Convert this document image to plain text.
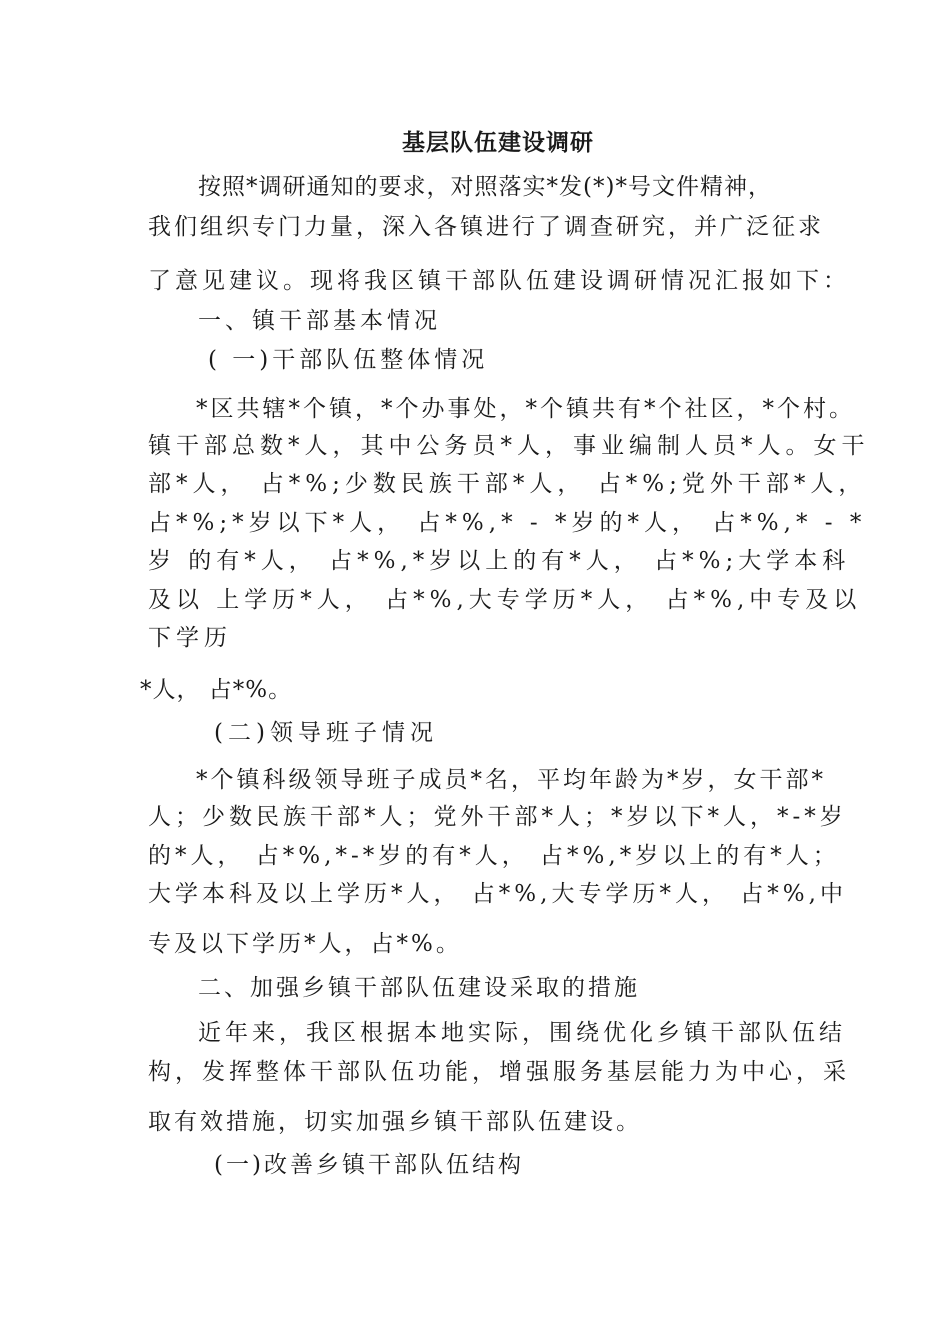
基层队伍建设调研
按照*调研通知的要求，对照落实*发(*)*号文件精神，
我们组织专门力量，深入各镇进行了调查研究，并广泛征求
了意见建议。现将我区镇干部队伍建设调研情况汇报如下：
一、镇干部基本情况
( 一)干部队伍整体情况
*区共辖*个镇，*个办事处，*个镇共有*个社区，*个村。
镇干部总数*人，其中公务员*人，事业编制人员*人。女干
部*人， 占*%;少数民族干部*人， 占*%;党外干部*人，
占*%;*岁以下*人， 占*%,* - *岁的*人， 占*%,* - *
岁 的有*人， 占*%,*岁以上的有*人， 占*%;大学本科
及以 上学历*人， 占*%,大专学历*人， 占*%,中专及以
下学历
*人， 占*%。
(二)领导班子情况
*个镇科级领导班子成员*名，平均年龄为*岁，女干部*
人；少数民族干部*人；党外干部*人；*岁以下*人，*-*岁
的*人， 占*%,*-*岁的有*人， 占*%,*岁以上的有*人；
大学本科及以上学历*人， 占*%,大专学历*人， 占*%,中
专及以下学历*人，占*%。
二、加强乡镇干部队伍建设采取的措施
近年来，我区根据本地实际，围绕优化乡镇干部队伍结
构，发挥整体干部队伍功能，增强服务基层能力为中心，采
取有效措施，切实加强乡镇干部队伍建设。
(一)改善乡镇干部队伍结构
